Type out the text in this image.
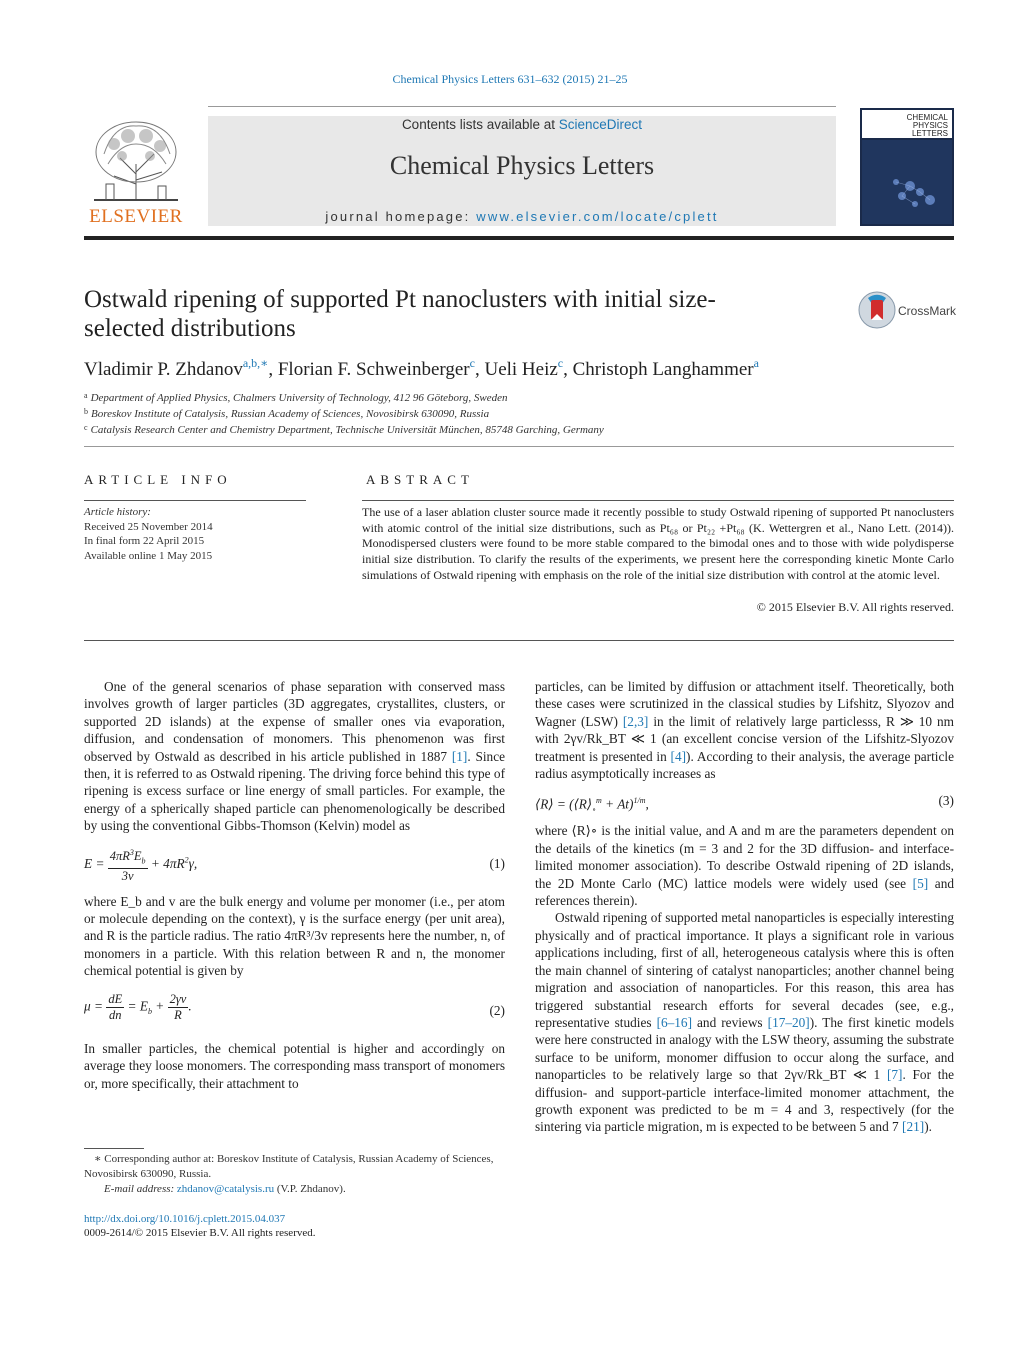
Chemical Physics Letters 631–632 (2015) 21–25
ELSEVIER
Contents lists available at ScienceDirect
Chemical Physics Letters
journal homepage: www.elsevier.com/locate/cplett
CHEMICAL
PHYSICS
LETTERS
Ostwald ripening of supported Pt nanoclusters with initial size-selected distributions
CrossMark
Vladimir P. Zhdanov$^{a,b,∗}$, Florian F. Schweinberger$^c$, Ueli Heiz$^c$, Christoph Langhammer$^a$
$^a$ Department of Applied Physics, Chalmers University of Technology, 412 96 Göteborg, Sweden
$^b$ Boreskov Institute of Catalysis, Russian Academy of Sciences, Novosibirsk 630090, Russia
$^c$ Catalysis Research Center and Chemistry Department, Technische Universität München, 85748 Garching, Germany
ARTICLE INFO	ABSTRACT
Article history:
Received 25 November 2014
In final form 22 April 2015
Available online 1 May 2015
The use of a laser ablation cluster source made it recently possible to study Ostwald ripening of supported Pt nanoclusters with atomic control of the initial size distributions, such as Pt₆₈ or Pt₂₂ +Pt₆₈ (K. Wettergren et al., Nano Lett. (2014)). Monodispersed clusters were found to be more stable compared to the bimodal ones and to those with wide polydisperse initial size distribution. To clarify the results of the experiments, we present here the corresponding kinetic Monte Carlo simulations of Ostwald ripening with emphasis on the role of the initial size distribution with control at the atomic level.
© 2015 Elsevier B.V. All rights reserved.

One of the general scenarios of phase separation with conserved mass involves growth of larger particles (3D aggregates, crystallites, clusters, or supported 2D islands) at the expense of smaller ones via evaporation, diffusion, and condensation of monomers. This phenomenon was first observed by Ostwald as described in his article published in 1887 [1]. Since then, it is referred to as Ostwald ripening. The driving force behind this type of ripening is excess surface or line energy of small particles. For example, the energy of a spherically shaped particle can phenomenologically be described by using the conventional Gibbs-Thomson (Kelvin) model as

$E = \frac{4\pi R^3E_b}{3v} + 4\pi R^2\gamma$,	(1)

where E_b and v are the bulk energy and volume per monomer (i.e., per atom or molecule depending on the context), γ is the surface energy (per unit area), and R is the particle radius. The ratio 4πR³/3v represents here the number, n, of monomers in a particle. With this relation between R and n, the monomer chemical potential is given by

$\mu = \frac{dE}{dn} = E_b + \frac{2\gamma v}{R}$ .	(2)

In smaller particles, the chemical potential is higher and accordingly on average they loose monomers. The corresponding mass transport of monomers or, more specifically, their attachment to

particles, can be limited by diffusion or attachment itself. Theoretically, both these cases were scrutinized in the classical studies by Lifshitz, Slyozov and Wagner (LSW) [2,3] in the limit of relatively large particlesss, R ≫ 10 nm with 2γv/Rk_BT ≪ 1 (an excellent concise version of the Lifshitz-Slyozov treatment is presented in [4]). According to their analysis, the average particle radius asymptotically increases as

⟨R⟩ = $(⟨R⟩_\circ^m + At)^{1/m}$,	(3)

where ⟨R⟩∘ is the initial value, and A and m are the parameters dependent on the details of the kinetics (m = 3 and 2 for the 3D diffusion- and interface-limited monomer association). To describe Ostwald ripening of 2D islands, the 2D Monte Carlo (MC) lattice models were widely used (see [5] and references therein).

Ostwald ripening of supported metal nanoparticles is especially interesting physically and of practical importance. It plays a significant role in various applications including, first of all, heterogeneous catalysis where this is often the main channel of sintering of catalyst nanoparticles; another channel being migration and association of nanoparticles. For this reason, this area has triggered substantial research efforts for several decades (see, e.g., representative studies [6–16] and reviews [17–20]). The first kinetic models were here constructed in analogy with the LSW theory, assuming the substrate surface to be uniform, monomer diffusion to occur along the surface, and nanoparticles to be relatively large so that 2γv/Rk_BT ≪ 1 [7]. For the diffusion- and support-particle interface-limited monomer attachment, the growth exponent was predicted to be m = 4 and 3, respectively (for the sintering via particle migration, m is expected to be between 5 and 7 [21]).

∗ Corresponding author at: Boreskov Institute of Catalysis, Russian Academy of Sciences, Novosibirsk 630090, Russia.
E-mail address: zhdanov@catalysis.ru (V.P. Zhdanov).
http://dx.doi.org/10.1016/j.cplett.2015.04.037
0009-2614/© 2015 Elsevier B.V. All rights reserved.
